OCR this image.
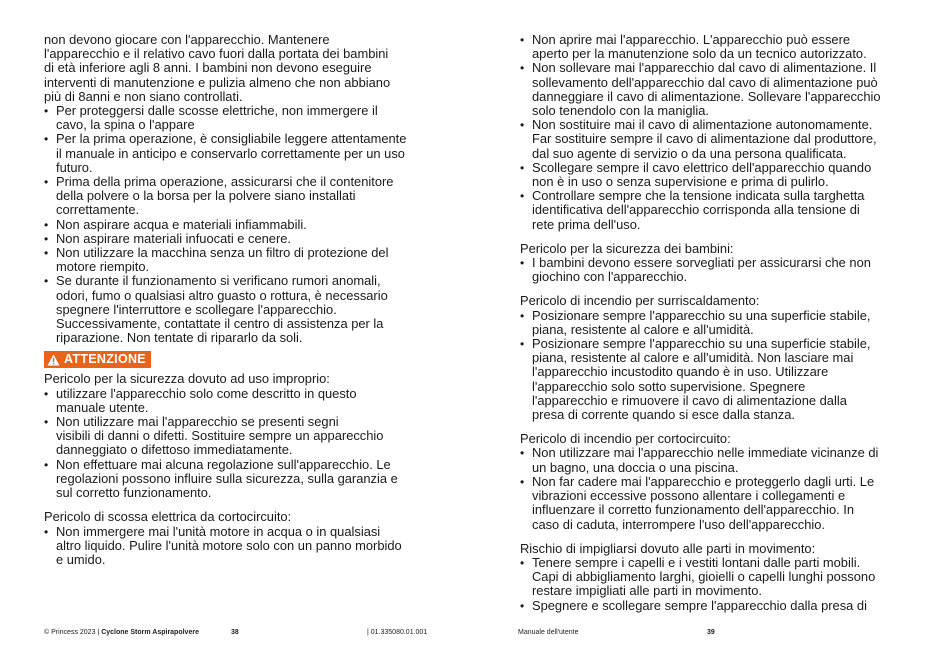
non devono giocare con l'apparecchio. Mantenere

l'apparecchio e il relativo cavo fuori dalla portata dei bambini

di età inferiore agli 8 anni. I bambini non devono eseguire

interventi di manutenzione e pulizia almeno che non abbiano

più di 8anni e non siano controllati.

• Per proteggersi dalle scosse elettriche, non immergere il
cavo, la spina o l'appare
• Per la prima operazione, è consigliabile leggere attentamente
il manuale in anticipo e conservarlo correttamente per un uso
futuro.
• Prima della prima operazione, assicurarsi che il contenitore
della polvere o la borsa per la polvere siano installati
correttamente.
• Non aspirare acqua e materiali infiammabili.
• Non aspirare materiali infuocati e cenere.
• Non utilizzare la macchina senza un filtro di protezione del
motore riempito.
• Se durante il funzionamento si verificano rumori anomali,
odori, fumo o qualsiasi altro guasto o rottura, è necessario
spegnere l'interruttore e scollegare l'apparecchio.
Successivamente, contattate il centro di assistenza per la
riparazione. Non tentate di ripararlo da soli.
ATTENZIONE

Pericolo per la sicurezza dovuto ad uso improprio:

• utilizzare l'apparecchio solo come descritto in questo
manuale utente.
• Non utilizzare mai l'apparecchio se presenti segni
visibili di danni o difetti. Sostituire sempre un apparecchio
danneggiato o difettoso immediatamente.
• Non effettuare mai alcuna regolazione sull'apparecchio. Le
regolazioni possono influire sulla sicurezza, sulla garanzia e
sul corretto funzionamento.

Pericolo di scossa elettrica da cortocircuito:

• Non immergere mai l'unità motore in acqua o in qualsiasi
altro liquido. Pulire l'unità motore solo con un panno morbido
e umido.
• Non aprire mai l'apparecchio. L'apparecchio può essere
aperto per la manutenzione solo da un tecnico autorizzato.
• Non sollevare mai l'apparecchio dal cavo di alimentazione. Il
sollevamento dell'apparecchio dal cavo di alimentazione può
danneggiare il cavo di alimentazione. Sollevare l'apparecchio
solo tenendolo con la maniglia.
• Non sostituire mai il cavo di alimentazione autonomamente.
Far sostituire sempre il cavo di alimentazione dal produttore,
dal suo agente di servizio o da una persona qualificata.
• Scollegare sempre il cavo elettrico dell'apparecchio quando
non è in uso o senza supervisione e prima di pulirlo.
• Controllare sempre che la tensione indicata sulla targhetta
identificativa dell'apparecchio corrisponda alla tensione di
rete prima dell'uso.

Pericolo per la sicurezza dei bambini:

• I bambini devono essere sorvegliati per assicurarsi che non
giochino con l'apparecchio.

Pericolo di incendio per surriscaldamento:

• Posizionare sempre l'apparecchio su una superficie stabile,
piana, resistente al calore e all'umidità.
• Posizionare sempre l'apparecchio su una superficie stabile,
piana, resistente al calore e all'umidità. Non lasciare mai
l'apparecchio incustodito quando è in uso. Utilizzare
l'apparecchio solo sotto supervisione. Spegnere
l'apparecchio e rimuovere il cavo di alimentazione dalla
presa di corrente quando si esce dalla stanza.

Pericolo di incendio per cortocircuito:

• Non utilizzare mai l'apparecchio nelle immediate vicinanze di
un bagno, una doccia o una piscina.
• Non far cadere mai l'apparecchio e proteggerlo dagli urti. Le
vibrazioni eccessive possono allentare i collegamenti e
influenzare il corretto funzionamento dell'apparecchio. In
caso di caduta, interrompere l'uso dell'apparecchio.

Rischio di impigliarsi dovuto alle parti in movimento:

• Tenere sempre i capelli e i vestiti lontani dalle parti mobili.
Capi di abbigliamento larghi, gioielli o capelli lunghi possono
restare impigliati alle parti in movimento.
• Spegnere e scollegare sempre l'apparecchio dalla presa di
© Princess 2023 | Cyclone Storm Aspirapolvere	38	| 01.335080.01.001	Manuale dell'utente	39
